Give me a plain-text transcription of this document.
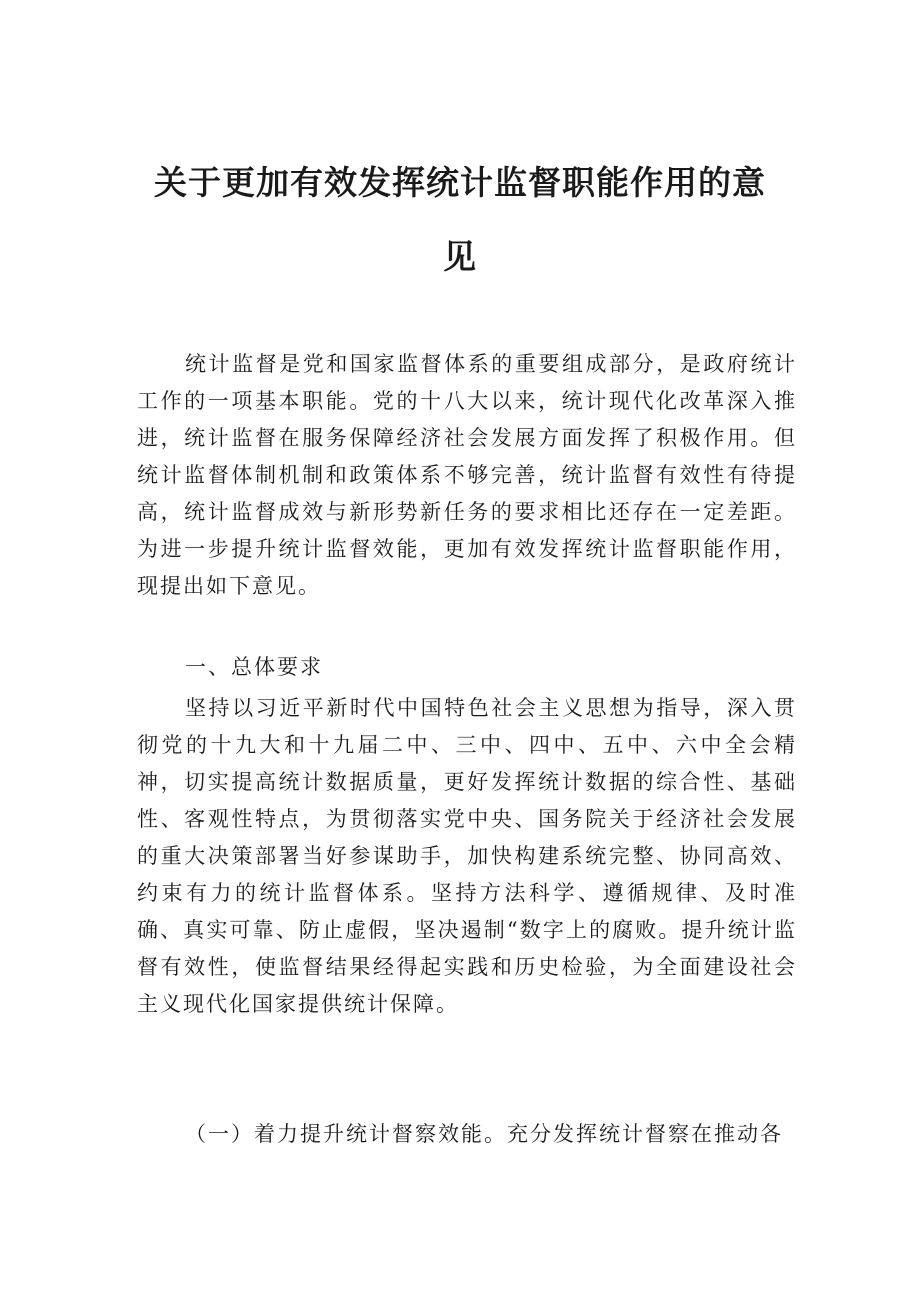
关于更加有效发挥统计监督职能作用的意
见

统计监督是党和国家监督体系的重要组成部分，是政府统计工作的一项基本职能。党的十八大以来，统计现代化改革深入推进，统计监督在服务保障经济社会发展方面发挥了积极作用。但统计监督体制机制和政策体系不够完善，统计监督有效性有待提高，统计监督成效与新形势新任务的要求相比还存在一定差距。为进一步提升统计监督效能，更加有效发挥统计监督职能作用，现提出如下意见。

一、总体要求

坚持以习近平新时代中国特色社会主义思想为指导，深入贯彻党的十九大和十九届二中、三中、四中、五中、六中全会精神，切实提高统计数据质量，更好发挥统计数据的综合性、基础性、客观性特点，为贯彻落实党中央、国务院关于经济社会发展的重大决策部署当好参谋助手，加快构建系统完整、协同高效、约束有力的统计监督体系。坚持方法科学、遵循规律、及时准确、真实可靠、防止虚假，坚决遏制“数字上的腐败。提升统计监督有效性，使监督结果经得起实践和历史检验，为全面建设社会主义现代化国家提供统计保障。

（一）着力提升统计督察效能。充分发挥统计督察在推动各
